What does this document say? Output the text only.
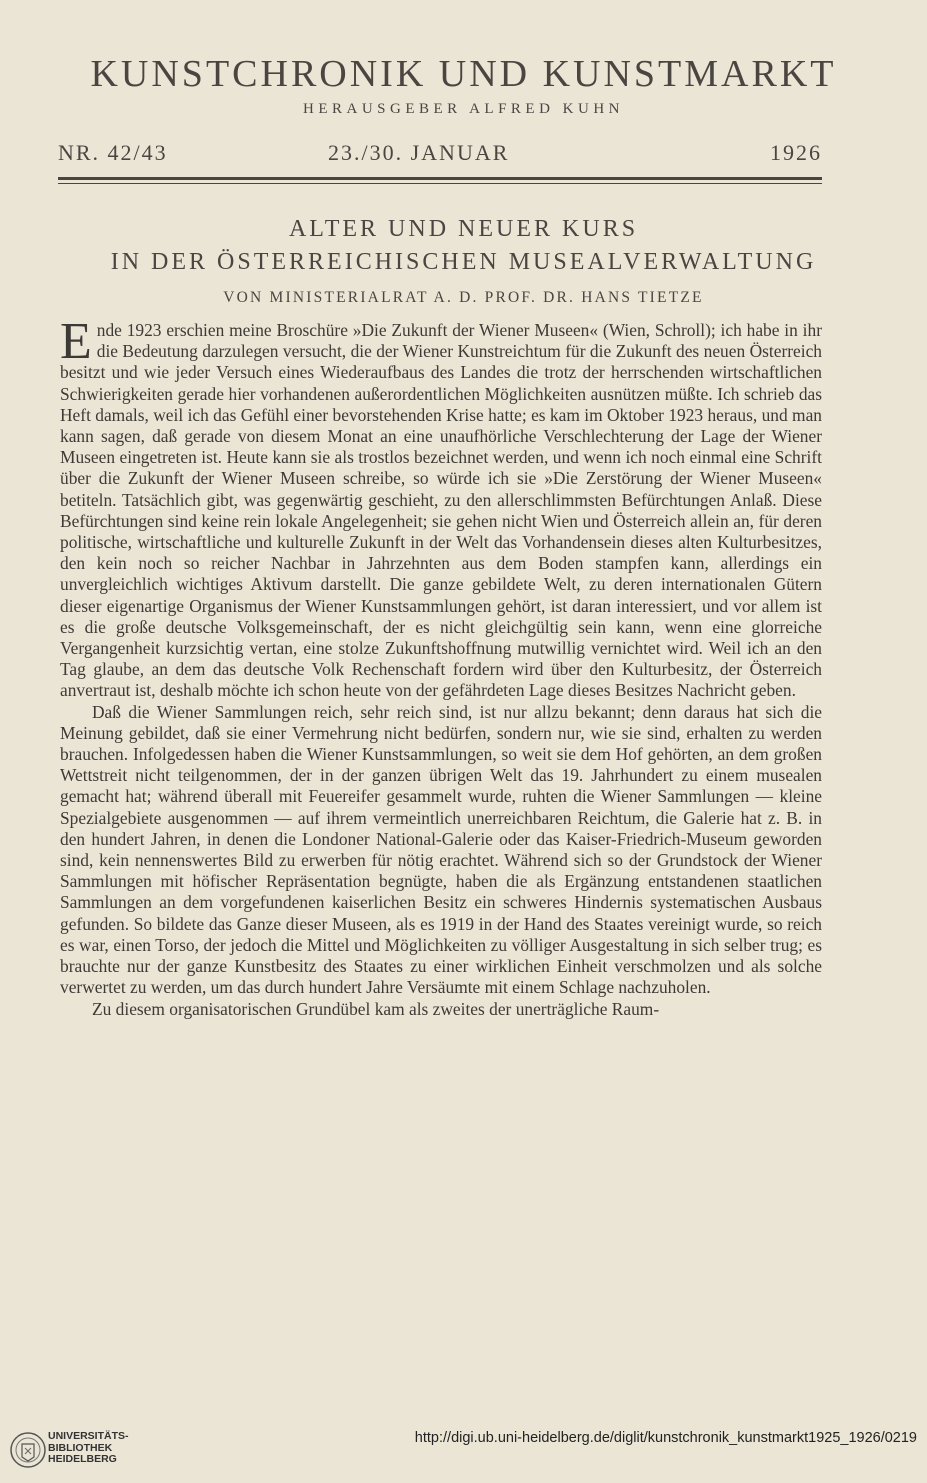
KUNSTCHRONIK UND KUNSTMARKT
HERAUSGEBER ALFRED KUHN
NR. 42/43	23./30. JANUAR	1926
ALTER UND NEUER KURS
IN DER ÖSTERREICHISCHEN MUSEALVERWALTUNG
VON MINISTERIALRAT A. D. PROF. DR. HANS TIETZE

Ende 1923 erschien meine Broschüre »Die Zukunft der Wiener Museen« (Wien, Schroll); ich habe in ihr die Bedeutung darzulegen versucht, die der Wiener Kunstreichtum für die Zukunft des neuen Österreich besitzt und wie jeder Versuch eines Wiederaufbaus des Landes die trotz der herrschenden wirtschaftlichen Schwierigkeiten gerade hier vorhandenen außerordentlichen Möglichkeiten ausnützen müßte. Ich schrieb das Heft damals, weil ich das Gefühl einer bevorstehenden Krise hatte; es kam im Oktober 1923 heraus, und man kann sagen, daß gerade von diesem Monat an eine unaufhörliche Verschlechterung der Lage der Wiener Museen eingetreten ist. Heute kann sie als trostlos bezeichnet werden, und wenn ich noch einmal eine Schrift über die Zukunft der Wiener Museen schreibe, so würde ich sie »Die Zerstörung der Wiener Museen« betiteln. Tatsächlich gibt, was gegenwärtig geschieht, zu den allerschlimmsten Befürchtungen Anlaß. Diese Befürchtungen sind keine rein lokale Angelegenheit; sie gehen nicht Wien und Österreich allein an, für deren politische, wirtschaftliche und kulturelle Zukunft in der Welt das Vorhandensein dieses alten Kulturbesitzes, den kein noch so reicher Nachbar in Jahrzehnten aus dem Boden stampfen kann, allerdings ein unvergleichlich wichtiges Aktivum darstellt. Die ganze gebildete Welt, zu deren internationalen Gütern dieser eigenartige Organismus der Wiener Kunstsammlungen gehört, ist daran interessiert, und vor allem ist es die große deutsche Volksgemeinschaft, der es nicht gleichgültig sein kann, wenn eine glorreiche Vergangenheit kurzsichtig vertan, eine stolze Zukunftshoffnung mutwillig vernichtet wird. Weil ich an den Tag glaube, an dem das deutsche Volk Rechenschaft fordern wird über den Kulturbesitz, der Österreich anvertraut ist, deshalb möchte ich schon heute von der gefährdeten Lage dieses Besitzes Nachricht geben.

Daß die Wiener Sammlungen reich, sehr reich sind, ist nur allzu bekannt; denn daraus hat sich die Meinung gebildet, daß sie einer Vermehrung nicht bedürfen, sondern nur, wie sie sind, erhalten zu werden brauchen. Infolgedessen haben die Wiener Kunstsammlungen, so weit sie dem Hof gehörten, an dem großen Wettstreit nicht teilgenommen, der in der ganzen übrigen Welt das 19. Jahrhundert zu einem musealen gemacht hat; während überall mit Feuereifer gesammelt wurde, ruhten die Wiener Sammlungen — kleine Spezialgebiete ausgenommen — auf ihrem vermeintlich unerreichbaren Reichtum, die Galerie hat z. B. in den hundert Jahren, in denen die Londoner National-Galerie oder das Kaiser-Friedrich-Museum geworden sind, kein nennenswertes Bild zu erwerben für nötig erachtet. Während sich so der Grundstock der Wiener Sammlungen mit höfischer Repräsentation begnügte, haben die als Ergänzung entstandenen staatlichen Sammlungen an dem vorgefundenen kaiserlichen Besitz ein schweres Hindernis systematischen Ausbaus gefunden. So bildete das Ganze dieser Museen, als es 1919 in der Hand des Staates vereinigt wurde, so reich es war, einen Torso, der jedoch die Mittel und Möglichkeiten zu völliger Ausgestaltung in sich selber trug; es brauchte nur der ganze Kunstbesitz des Staates zu einer wirklichen Einheit verschmolzen und als solche verwertet zu werden, um das durch hundert Jahre Versäumte mit einem Schlage nachzuholen.

Zu diesem organisatorischen Grundübel kam als zweites der unerträgliche Raum-

UNIVERSITÄTS-
BIBLIOTHEK
HEIDELBERG
http://digi.ub.uni-heidelberg.de/diglit/kunstchronik_kunstmarkt1925_1926/0219
